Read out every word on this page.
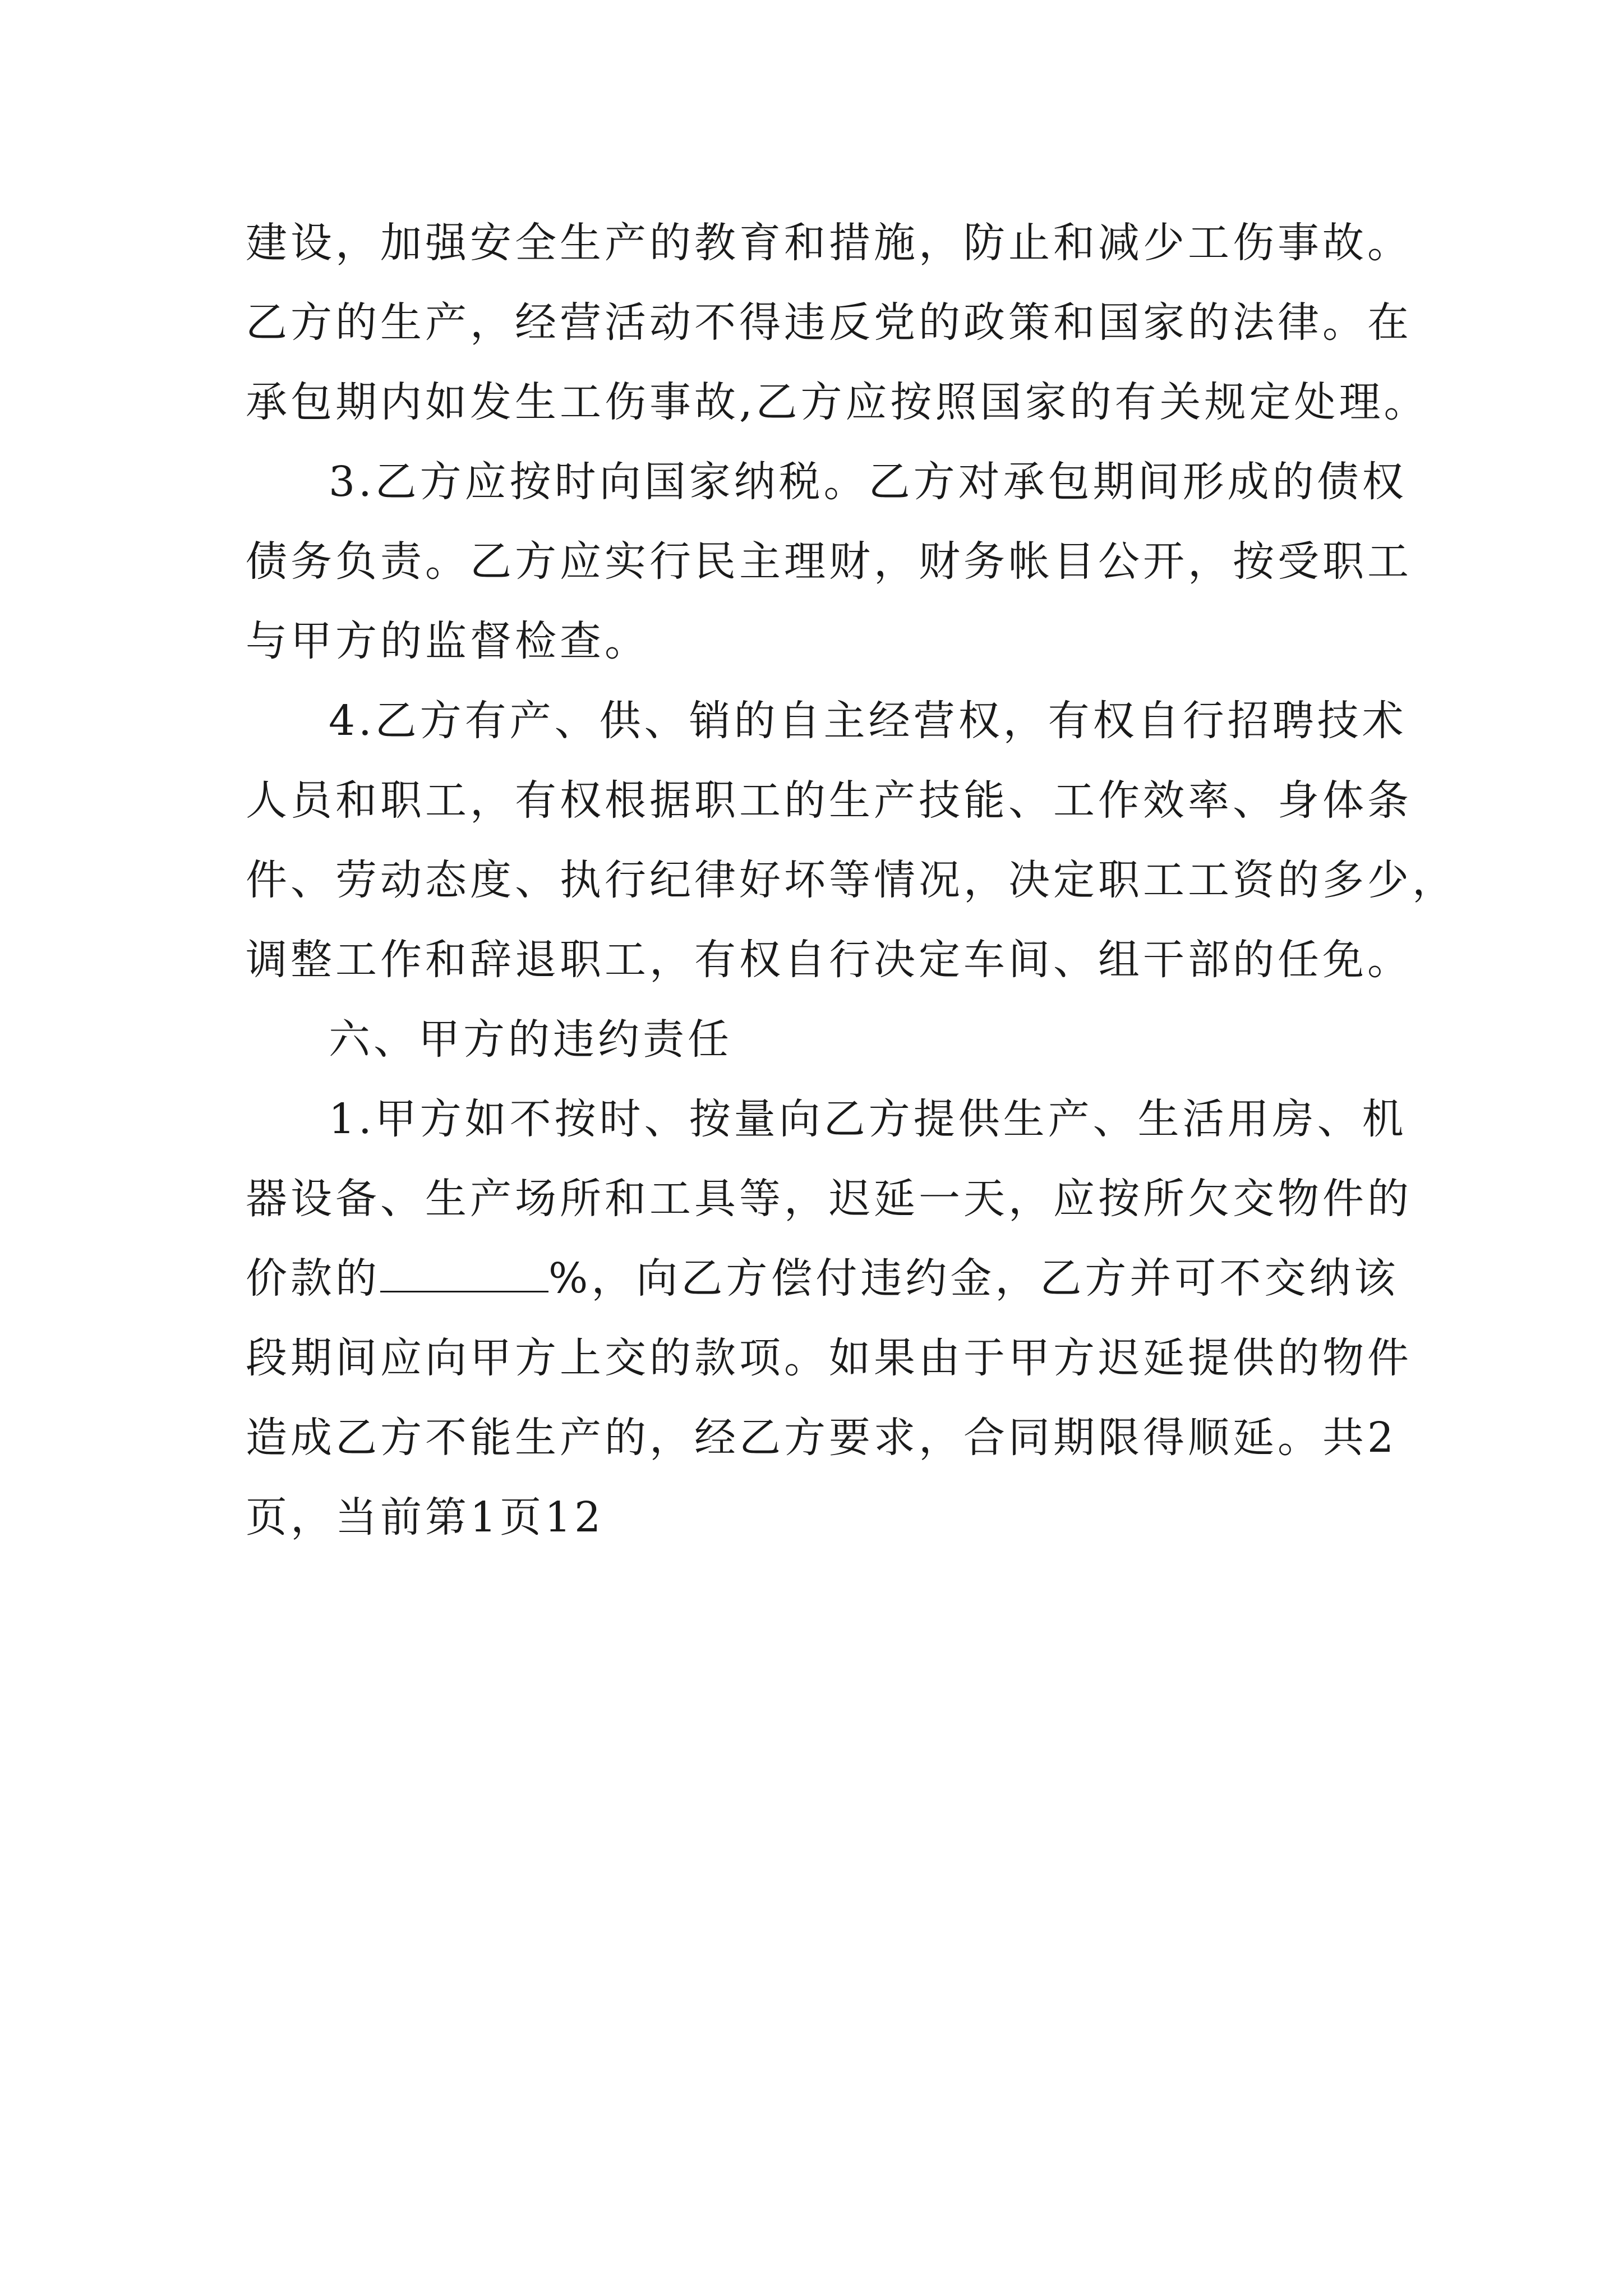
建设，加强安全生产的教育和措施，防止和减少工伤事故。
乙方的生产，经营活动不得违反党的政策和国家的法律。在
承包期内如发生工伤事故,乙方应按照国家的有关规定处理。
3.乙方应按时向国家纳税。乙方对承包期间形成的债权
债务负责。乙方应实行民主理财，财务帐目公开，按受职工
与甲方的监督检查。
4.乙方有产、供、销的自主经营权，有权自行招聘技术
人员和职工，有权根据职工的生产技能、工作效率、身体条
件、劳动态度、执行纪律好坏等情况，决定职工工资的多少，
调整工作和辞退职工，有权自行决定车间、组干部的任免。
六、甲方的违约责任
1.甲方如不按时、按量向乙方提供生产、生活用房、机
器设备、生产场所和工具等，迟延一天，应按所欠交物件的
价款的	%，向乙方偿付违约金，乙方并可不交纳该
段期间应向甲方上交的款项。如果由于甲方迟延提供的物件
造成乙方不能生产的，经乙方要求，合同期限得顺延。共2
页，当前第1页12
